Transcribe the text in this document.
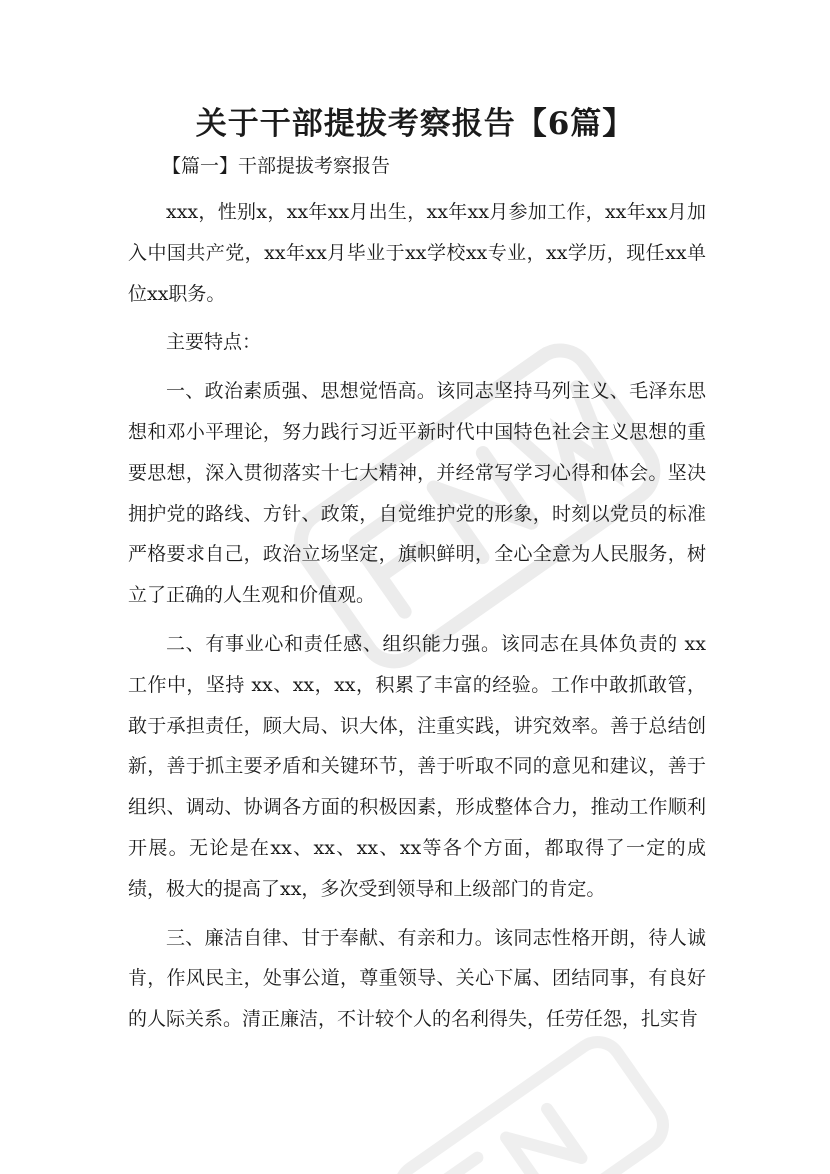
关于干部提拔考察报告【6篇】

【篇一】干部提拔考察报告

xxx，性别x，xx年xx月出生，xx年xx月参加工作，xx年xx月加入中国共产党，xx年xx月毕业于xx学校xx专业，xx学历，现任xx单位xx职务。

主要特点：

一、政治素质强、思想觉悟高。该同志坚持马列主义、毛泽东思想和邓小平理论，努力践行习近平新时代中国特色社会主义思想的重要思想，深入贯彻落实十七大精神，并经常写学习心得和体会。坚决拥护党的路线、方针、政策，自觉维护党的形象，时刻以党员的标准严格要求自己，政治立场坚定，旗帜鲜明，全心全意为人民服务，树立了正确的人生观和价值观。

二、有事业心和责任感、组织能力强。该同志在具体负责的 xx 工作中，坚持 xx、xx，xx，积累了丰富的经验。工作中敢抓敢管，敢于承担责任，顾大局、识大体，注重实践，讲究效率。善于总结创新，善于抓主要矛盾和关键环节，善于听取不同的意见和建议，善于组织、调动、协调各方面的积极因素，形成整体合力，推动工作顺利开展。无论是在xx、xx、xx、xx等各个方面，都取得了一定的成绩，极大的提高了xx，多次受到领导和上级部门的肯定。

三、廉洁自律、甘于奉献、有亲和力。该同志性格开朗，待人诚肯，作风民主，处事公道，尊重领导、关心下属、团结同事，有良好的人际关系。清正廉洁，不计较个人的名利得失，任劳任怨，扎实肯
